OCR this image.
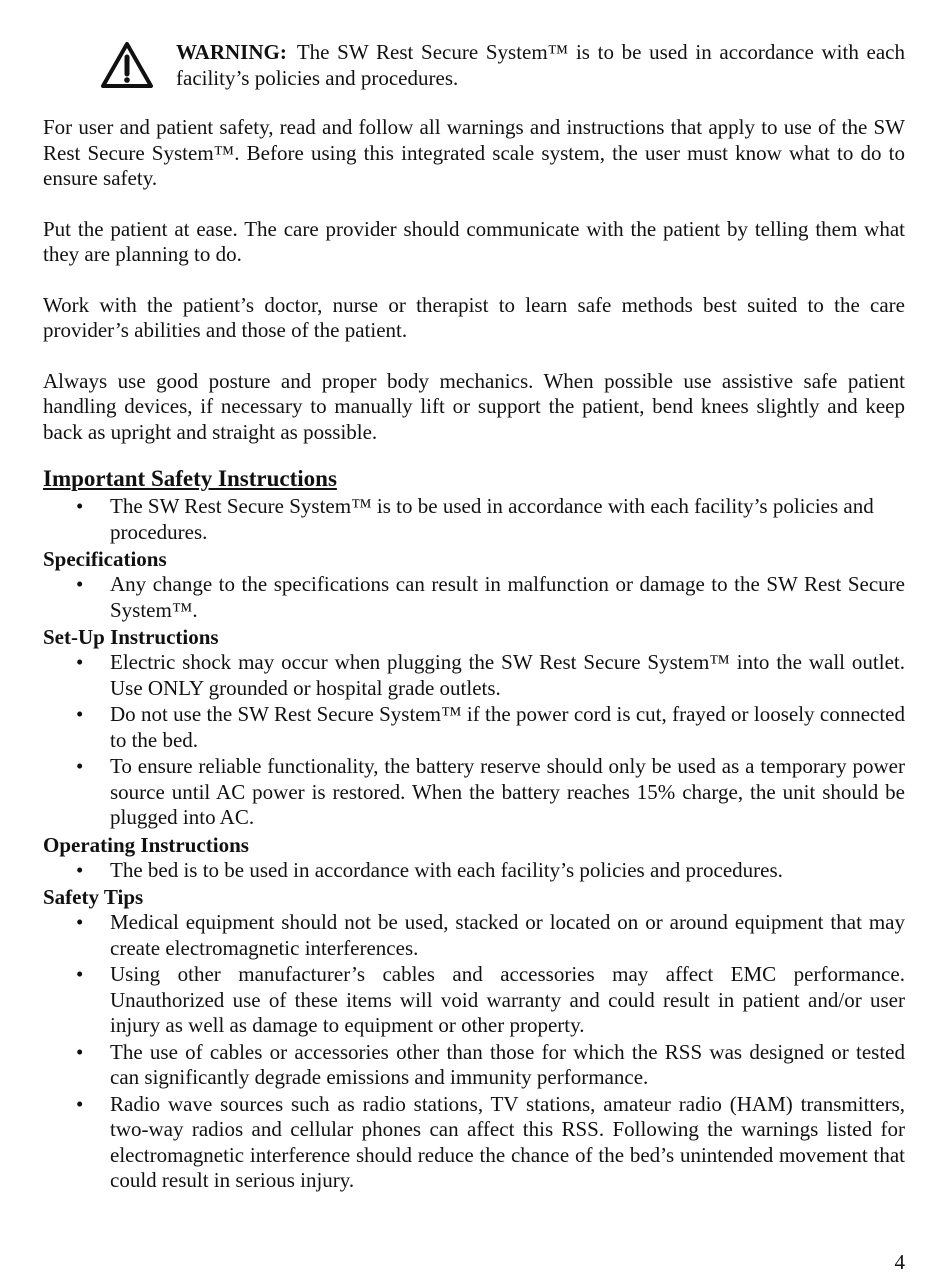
WARNING: The SW Rest Secure System™ is to be used in accordance with each facility’s policies and procedures.

For user and patient safety, read and follow all warnings and instructions that apply to use of the SW Rest Secure System™. Before using this integrated scale system, the user must know what to do to ensure safety.

Put the patient at ease. The care provider should communicate with the patient by telling them what they are planning to do.

Work with the patient’s doctor, nurse or therapist to learn safe methods best suited to the care provider’s abilities and those of the patient.

Always use good posture and proper body mechanics. When possible use assistive safe patient handling devices, if necessary to manually lift or support the patient, bend knees slightly and keep back as upright and straight as possible.

Important Safety Instructions
• The SW Rest Secure System™ is to be used in accordance with each facility’s policies and procedures.
Specifications
• Any change to the specifications can result in malfunction or damage to the SW Rest Secure System™.
Set-Up Instructions
• Electric shock may occur when plugging the SW Rest Secure System™ into the wall outlet. Use ONLY grounded or hospital grade outlets.
• Do not use the SW Rest Secure System™ if the power cord is cut, frayed or loosely connected to the bed.
• To ensure reliable functionality, the battery reserve should only be used as a temporary power source until AC power is restored. When the battery reaches 15% charge, the unit should be plugged into AC.
Operating Instructions
• The bed is to be used in accordance with each facility’s policies and procedures.
Safety Tips
• Medical equipment should not be used, stacked or located on or around equipment that may create electromagnetic interferences.
• Using other manufacturer’s cables and accessories may affect EMC performance. Unauthorized use of these items will void warranty and could result in patient and/or user injury as well as damage to equipment or other property.
• The use of cables or accessories other than those for which the RSS was designed or tested can significantly degrade emissions and immunity performance.
• Radio wave sources such as radio stations, TV stations, amateur radio (HAM) transmitters, two-way radios and cellular phones can affect this RSS. Following the warnings listed for electromagnetic interference should reduce the chance of the bed’s unintended movement that could result in serious injury.
4
